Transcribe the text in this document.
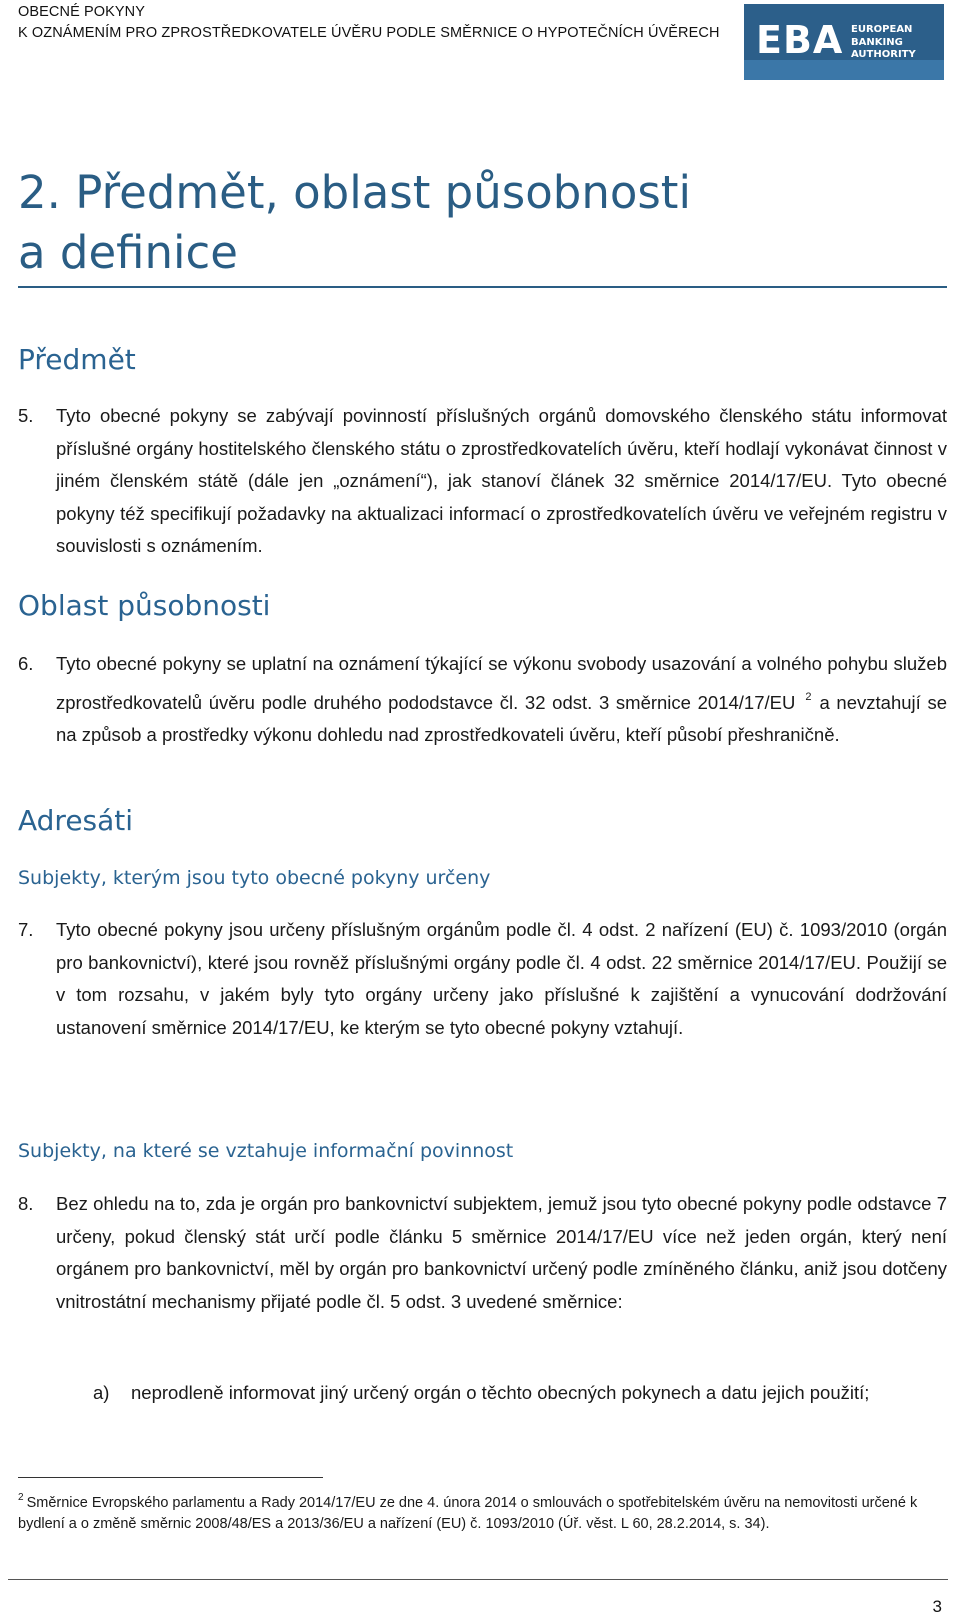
OBECNÉ POKYNY
K OZNÁMENÍM PRO ZPROSTŘEDKOVATELE ÚVĚRU PODLE SMĚRNICE O HYPOTEČNÍCH ÚVĚRECH EBA EUROPEAN
BANKING
AUTHORITY
2. Předmět, oblast působnosti
a definice
Předmět
5. Tyto obecné pokyny se zabývají povinností příslušných orgánů domovského členského státu informovat příslušné orgány hostitelského členského státu o zprostředkovatelích úvěru, kteří hodlají vykonávat činnost v jiném členském státě (dále jen „oznámení“), jak stanoví článek 32 směrnice 2014/17/EU. Tyto obecné pokyny též specifikují požadavky na aktualizaci informací o zprostředkovatelích úvěru ve veřejném registru v souvislosti s oznámením.
Oblast působnosti
6. Tyto obecné pokyny se uplatní na oznámení týkající se výkonu svobody usazování a volného pohybu služeb zprostředkovatelů úvěru podle druhého pododstavce čl. 32 odst. 3 směrnice 2014/17/EU $^2$ a nevztahují se na způsob a prostředky výkonu dohledu nad zprostředkovateli úvěru, kteří působí přeshraničně.
Adresáti
Subjekty, kterým jsou tyto obecné pokyny určeny
7. Tyto obecné pokyny jsou určeny příslušným orgánům podle čl. 4 odst. 2 nařízení (EU) č. 1093/2010 (orgán pro bankovnictví), které jsou rovněž příslušnými orgány podle čl. 4 odst. 22 směrnice 2014/17/EU. Použijí se v tom rozsahu, v jakém byly tyto orgány určeny jako příslušné k zajištění a vynucování dodržování ustanovení směrnice 2014/17/EU, ke kterým se tyto obecné pokyny vztahují.
Subjekty, na které se vztahuje informační povinnost
8. Bez ohledu na to, zda je orgán pro bankovnictví subjektem, jemuž jsou tyto obecné pokyny podle odstavce 7 určeny, pokud členský stát určí podle článku 5 směrnice 2014/17/EU více než jeden orgán, který není orgánem pro bankovnictví, měl by orgán pro bankovnictví určený podle zmíněného článku, aniž jsou dotčeny vnitrostátní mechanismy přijaté podle čl. 5 odst. 3 uvedené směrnice:
a) neprodleně informovat jiný určený orgán o těchto obecných pokynech a datu jejich použití;
$^2$ Směrnice Evropského parlamentu a Rady 2014/17/EU ze dne 4. února 2014 o smlouvách o spotřebitelském úvěru na nemovitosti určené k bydlení a o změně směrnic 2008/48/ES a 2013/36/EU a nařízení (EU) č. 1093/2010 (Úř. věst. L 60, 28.2.2014, s. 34).
3
